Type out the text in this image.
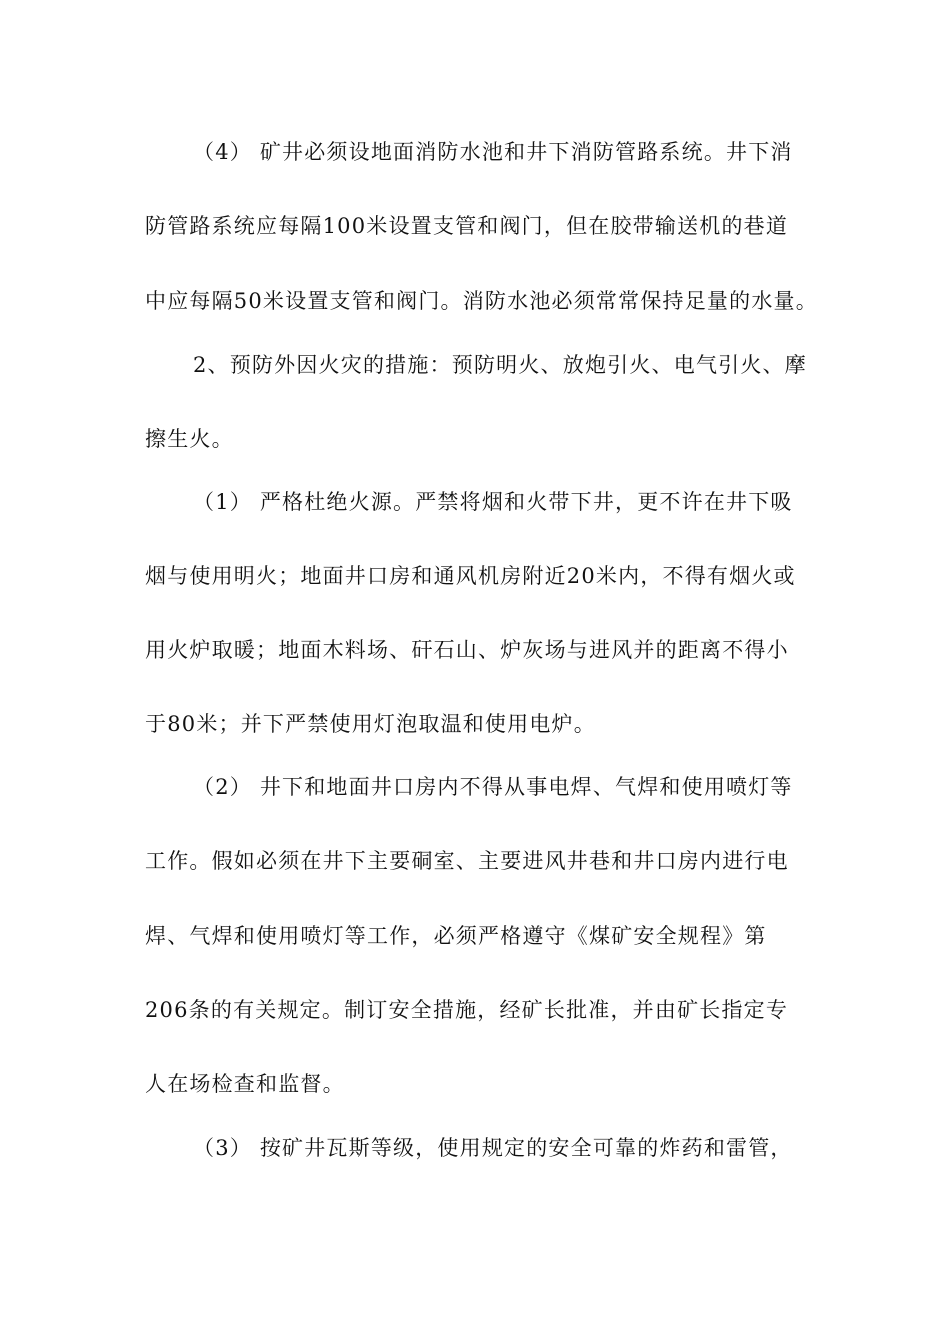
（4） 矿井必须设地面消防水池和井下消防管路系统。井下消
防管路系统应每隔100米设置支管和阀门，但在胶带输送机的巷道
中应每隔50米设置支管和阀门。消防水池必须常常保持足量的水量。
2、预防外因火灾的措施：预防明火、放炮引火、电气引火、摩
擦生火。
（1） 严格杜绝火源。严禁将烟和火带下井，更不许在井下吸
烟与使用明火；地面井口房和通风机房附近20米内，不得有烟火或
用火炉取暖；地面木料场、矸石山、炉灰场与进风并的距离不得小
于80米；并下严禁使用灯泡取温和使用电炉。
（2） 井下和地面井口房内不得从事电焊、气焊和使用喷灯等
工作。假如必须在井下主要硐室、主要进风井巷和井口房内进行电
焊、气焊和使用喷灯等工作，必须严格遵守《煤矿安全规程》第
206条的有关规定。制订安全措施，经矿长批准，并由矿长指定专
人在场检查和监督。
（3） 按矿井瓦斯等级，使用规定的安全可靠的炸药和雷管，
